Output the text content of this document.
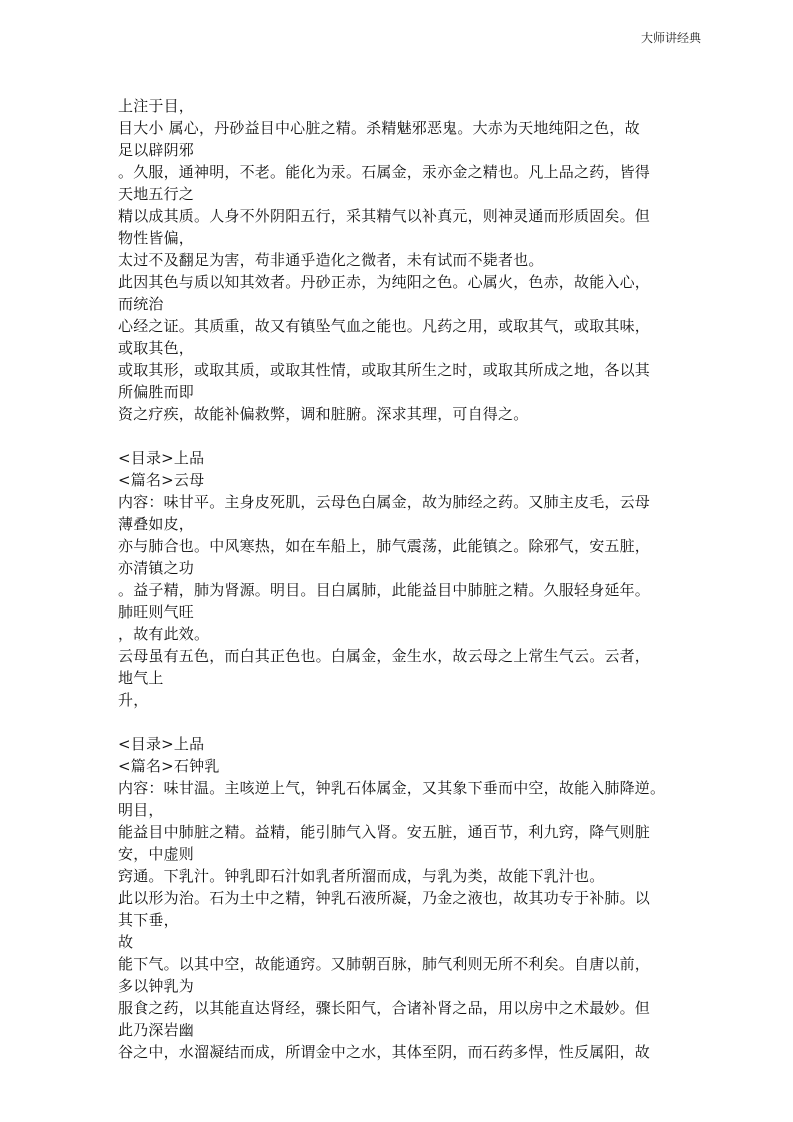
大师讲经典
上注于目，
目大小 属心，丹砂益目中心脏之精。杀精魅邪恶鬼。大赤为天地纯阳之色，故
足以辟阴邪
。久服，通神明，不老。能化为汞。石属金，汞亦金之精也。凡上品之药，皆得
天地五行之
精以成其质。人身不外阴阳五行，采其精气以补真元，则神灵通而形质固矣。但
物性皆偏，
太过不及翻足为害，苟非通乎造化之微者，未有试而不毙者也。
此因其色与质以知其效者。丹砂正赤，为纯阳之色。心属火，色赤，故能入心，
而统治
心经之证。其质重，故又有镇坠气血之能也。凡药之用，或取其气，或取其味，
或取其色，
或取其形，或取其质，或取其性情，或取其所生之时，或取其所成之地，各以其
所偏胜而即
资之疗疾，故能补偏救弊，调和脏腑。深求其理，可自得之。
<目录>上品
<篇名>云母
内容：味甘平。主身皮死肌，云母色白属金，故为肺经之药。又肺主皮毛，云母
薄叠如皮，
亦与肺合也。中风寒热，如在车船上，肺气震荡，此能镇之。除邪气，安五脏，
亦清镇之功
。益子精，肺为肾源。明目。目白属肺，此能益目中肺脏之精。久服轻身延年。
肺旺则气旺
，故有此效。
云母虽有五色，而白其正色也。白属金，金生水，故云母之上常生气云。云者，
地气上
升，
<目录>上品
<篇名>石钟乳
内容：味甘温。主咳逆上气，钟乳石体属金，又其象下垂而中空，故能入肺降逆。
明目，
能益目中肺脏之精。益精，能引肺气入肾。安五脏，通百节，利九窍，降气则脏
安，中虚则
窍通。下乳汁。钟乳即石汁如乳者所溜而成，与乳为类，故能下乳汁也。
此以形为治。石为土中之精，钟乳石液所凝，乃金之液也，故其功专于补肺。以
其下垂，
故
能下气。以其中空，故能通窍。又肺朝百脉，肺气利则无所不利矣。自唐以前，
多以钟乳为
服食之药，以其能直达肾经，骤长阳气，合诸补肾之品，用以房中之术最妙。但
此乃深岩幽
谷之中，水溜凝结而成，所谓金中之水，其体至阴，而石药多悍，性反属阳，故
